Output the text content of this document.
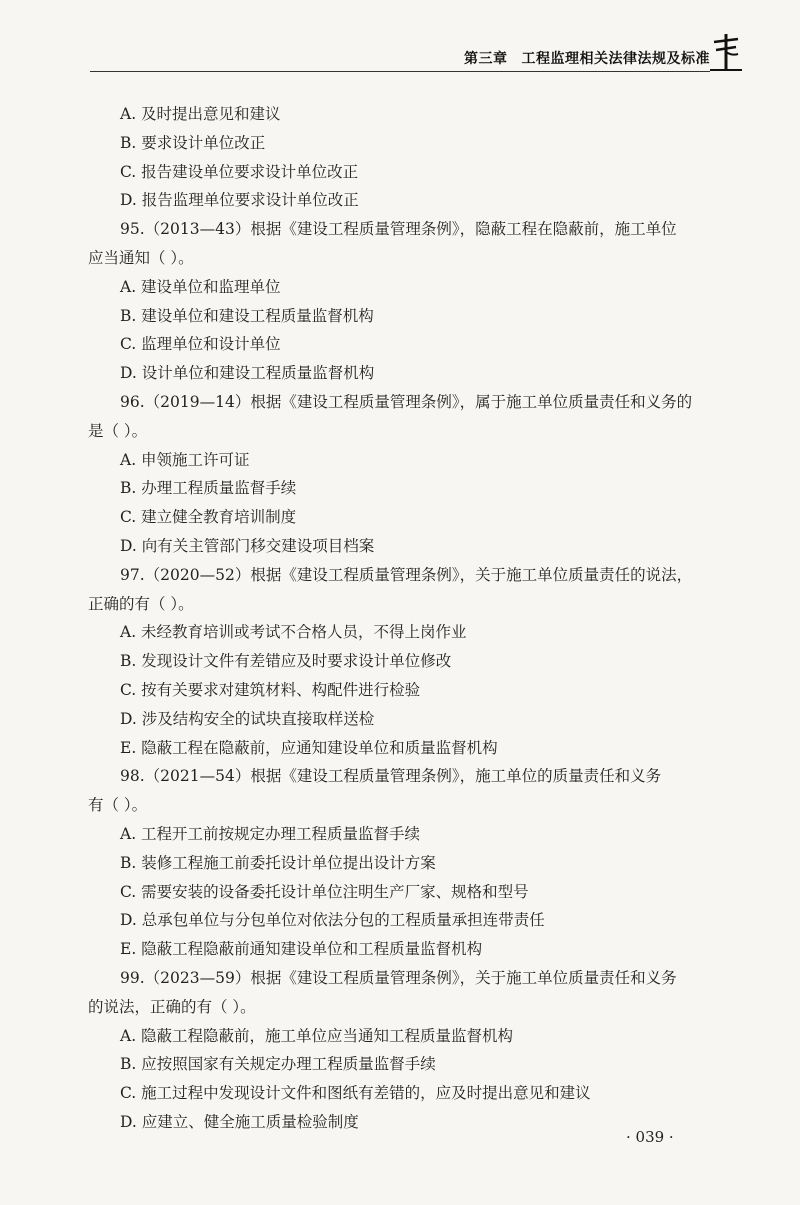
第三章 工程监理相关法律法规及标准
A. 及时提出意见和建议
B. 要求设计单位改正
C. 报告建设单位要求设计单位改正
D. 报告监理单位要求设计单位改正
95.（2013—43）根据《建设工程质量管理条例》，隐蔽工程在隐蔽前，施工单位
应当通知（ ）。
A. 建设单位和监理单位
B. 建设单位和建设工程质量监督机构
C. 监理单位和设计单位
D. 设计单位和建设工程质量监督机构
96.（2019—14）根据《建设工程质量管理条例》，属于施工单位质量责任和义务的
是（ ）。
A. 申领施工许可证
B. 办理工程质量监督手续
C. 建立健全教育培训制度
D. 向有关主管部门移交建设项目档案
97.（2020—52）根据《建设工程质量管理条例》，关于施工单位质量责任的说法，
正确的有（ ）。
A. 未经教育培训或考试不合格人员，不得上岗作业
B. 发现设计文件有差错应及时要求设计单位修改
C. 按有关要求对建筑材料、构配件进行检验
D. 涉及结构安全的试块直接取样送检
E. 隐蔽工程在隐蔽前，应通知建设单位和质量监督机构
98.（2021—54）根据《建设工程质量管理条例》，施工单位的质量责任和义务
有（ ）。
A. 工程开工前按规定办理工程质量监督手续
B. 装修工程施工前委托设计单位提出设计方案
C. 需要安装的设备委托设计单位注明生产厂家、规格和型号
D. 总承包单位与分包单位对依法分包的工程质量承担连带责任
E. 隐蔽工程隐蔽前通知建设单位和工程质量监督机构
99.（2023—59）根据《建设工程质量管理条例》，关于施工单位质量责任和义务
的说法，正确的有（ ）。
A. 隐蔽工程隐蔽前，施工单位应当通知工程质量监督机构
B. 应按照国家有关规定办理工程质量监督手续
C. 施工过程中发现设计文件和图纸有差错的，应及时提出意见和建议
D. 应建立、健全施工质量检验制度
· 039 ·
